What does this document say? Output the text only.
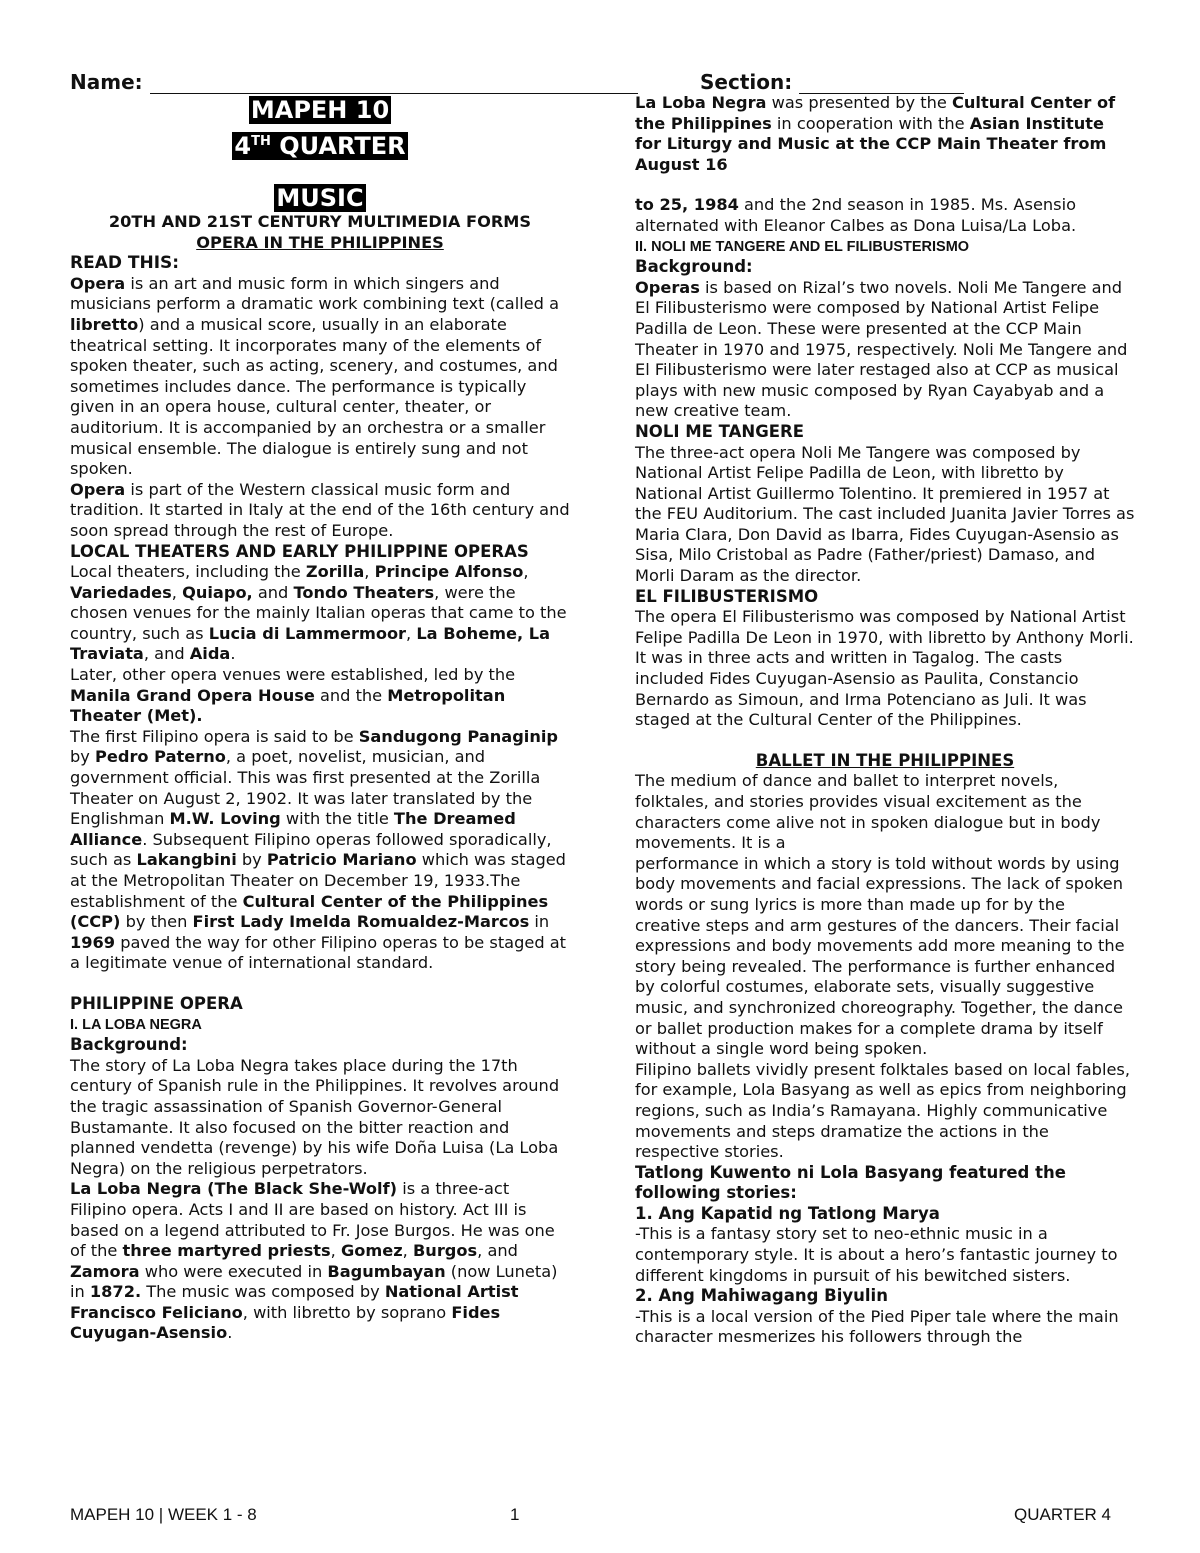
Name:	Section:
MAPEH 10
4TH QUARTER
MUSIC
20TH AND 21ST CENTURY MULTIMEDIA FORMS
OPERA IN THE PHILIPPINES
READ THIS:

Opera is an art and music form in which singers and musicians perform a dramatic work combining text (called a libretto) and a musical score, usually in an elaborate theatrical setting. It incorporates many of the elements of spoken theater, such as acting, scenery, and costumes, and sometimes includes dance. The performance is typically given in an opera house, cultural center, theater, or auditorium. It is accompanied by an orchestra or a smaller musical ensemble. The dialogue is entirely sung and not spoken.

Opera is part of the Western classical music form and tradition. It started in Italy at the end of the 16th century and soon spread through the rest of Europe.

LOCAL THEATERS AND EARLY PHILIPPINE OPERAS

Local theaters, including the Zorilla, Principe Alfonso, Variedades, Quiapo, and Tondo Theaters, were the chosen venues for the mainly Italian operas that came to the country, such as Lucia di Lammermoor, La Boheme, La Traviata, and Aida.

Later, other opera venues were established, led by the Manila Grand Opera House and the Metropolitan Theater (Met).

The first Filipino opera is said to be Sandugong Panaginip by Pedro Paterno, a poet, novelist, musician, and government official. This was first presented at the Zorilla Theater on August 2, 1902. It was later translated by the Englishman M.W. Loving with the title The Dreamed Alliance. Subsequent Filipino operas followed sporadically, such as Lakangbini by Patricio Mariano which was staged at the Metropolitan Theater on December 19, 1933.The establishment of the Cultural Center of the Philippines (CCP) by then First Lady Imelda Romualdez-Marcos in 1969 paved the way for other Filipino operas to be staged at a legitimate venue of international standard.

PHILIPPINE OPERA

I. LA LOBA NEGRA

Background:

The story of La Loba Negra takes place during the 17th century of Spanish rule in the Philippines. It revolves around the tragic assassination of Spanish Governor-General Bustamante. It also focused on the bitter reaction and planned vendetta (revenge) by his wife Doña Luisa (La Loba Negra) on the religious perpetrators.

La Loba Negra (The Black She-Wolf) is a three-act Filipino opera. Acts I and II are based on history. Act III is based on a legend attributed to Fr. Jose Burgos. He was one of the three martyred priests, Gomez, Burgos, and Zamora who were executed in Bagumbayan (now Luneta) in 1872. The music was composed by National Artist Francisco Feliciano, with libretto by soprano Fides Cuyugan-Asensio.

La Loba Negra was presented by the Cultural Center of the Philippines in cooperation with the Asian Institute for Liturgy and Music at the CCP Main Theater from August 16

to 25, 1984 and the 2nd season in 1985. Ms. Asensio alternated with Eleanor Calbes as Dona Luisa/La Loba.

II. NOLI ME TANGERE AND EL FILIBUSTERISMO

Background:

Operas is based on Rizal’s two novels. Noli Me Tangere and El Filibusterismo were composed by National Artist Felipe Padilla de Leon. These were presented at the CCP Main Theater in 1970 and 1975, respectively. Noli Me Tangere and El Filibusterismo were later restaged also at CCP as musical plays with new music composed by Ryan Cayabyab and a new creative team.

NOLI ME TANGERE

The three-act opera Noli Me Tangere was composed by National Artist Felipe Padilla de Leon, with libretto by National Artist Guillermo Tolentino. It premiered in 1957 at the FEU Auditorium. The cast included Juanita Javier Torres as Maria Clara, Don David as Ibarra, Fides Cuyugan-Asensio as Sisa, Milo Cristobal as Padre (Father/priest) Damaso, and Morli Daram as the director.

EL FILIBUSTERISMO

The opera El Filibusterismo was composed by National Artist Felipe Padilla De Leon in 1970, with libretto by Anthony Morli. It was in three acts and written in Tagalog. The casts included Fides Cuyugan-Asensio as Paulita, Constancio Bernardo as Simoun, and Irma Potenciano as Juli. It was staged at the Cultural Center of the Philippines.

BALLET IN THE PHILIPPINES

The medium of dance and ballet to interpret novels, folktales, and stories provides visual excitement as the characters come alive not in spoken dialogue but in body movements. It is a

performance in which a story is told without words by using body movements and facial expressions. The lack of spoken words or sung lyrics is more than made up for by the creative steps and arm gestures of the dancers. Their facial expressions and body movements add more meaning to the story being revealed. The performance is further enhanced

by colorful costumes, elaborate sets, visually suggestive music, and synchronized choreography. Together, the dance or ballet production makes for a complete drama by itself without a single word being spoken.

Filipino ballets vividly present folktales based on local fables, for example, Lola Basyang as well as epics from neighboring regions, such as India’s Ramayana. Highly communicative movements and steps dramatize the actions in the respective stories.

Tatlong Kuwento ni Lola Basyang featured the following stories:

1. Ang Kapatid ng Tatlong Marya

-This is a fantasy story set to neo-ethnic music in a contemporary style. It is about a hero’s fantastic journey to different kingdoms in pursuit of his bewitched sisters.

2. Ang Mahiwagang Biyulin

-This is a local version of the Pied Piper tale where the main character mesmerizes his followers through the

MAPEH 10 | WEEK 1 - 8	1	QUARTER 4
